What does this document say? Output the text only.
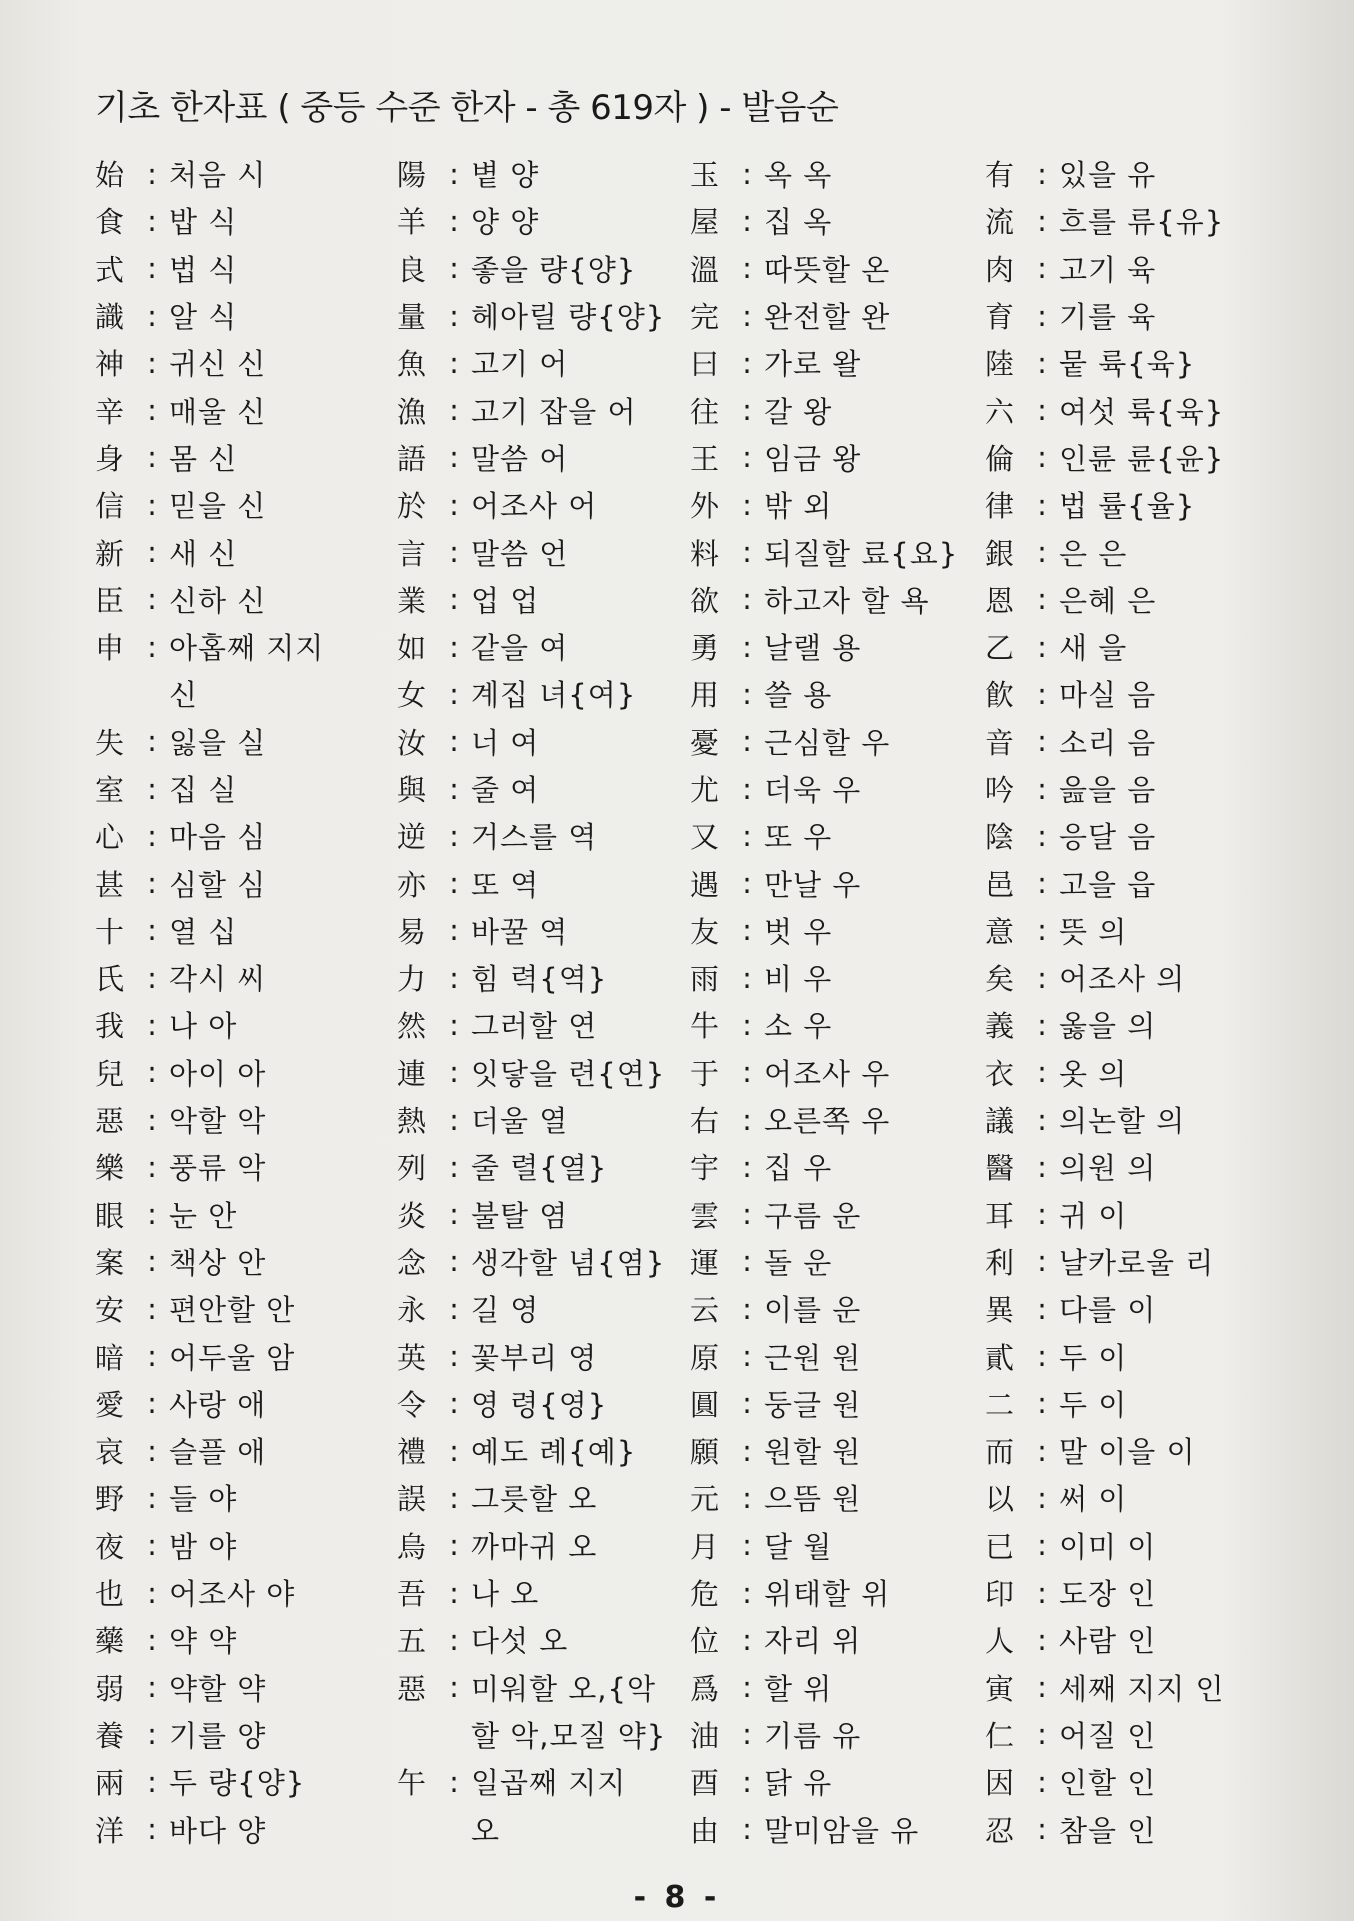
기초 한자표 ( 중등 수준 한자 - 총 619자 ) - 발음순
始 : 처음 시
食 : 밥 식
式 : 법 식
識 : 알 식
神 : 귀신 신
辛 : 매울 신
身 : 몸 신
信 : 믿을 신
新 : 새 신
臣 : 신하 신
申 : 아홉째 지지
신
失 : 잃을 실
室 : 집 실
心 : 마음 심
甚 : 심할 심
十 : 열 십
氏 : 각시 씨
我 : 나 아
兒 : 아이 아
惡 : 악할 악
樂 : 풍류 악
眼 : 눈 안
案 : 책상 안
安 : 편안할 안
暗 : 어두울 암
愛 : 사랑 애
哀 : 슬플 애
野 : 들 야
夜 : 밤 야
也 : 어조사 야
藥 : 약 약
弱 : 약할 약
養 : 기를 양
兩 : 두 량{양}
洋 : 바다 양
陽 : 볕 양
羊 : 양 양
良 : 좋을 량{양}
量 : 헤아릴 량{양}
魚 : 고기 어
漁 : 고기 잡을 어
語 : 말씀 어
於 : 어조사 어
言 : 말씀 언
業 : 업 업
如 : 같을 여
女 : 계집 녀{여}
汝 : 너 여
與 : 줄 여
逆 : 거스를 역
亦 : 또 역
易 : 바꿀 역
力 : 힘 력{역}
然 : 그러할 연
連 : 잇닿을 련{연}
熱 : 더울 열
列 : 줄 렬{열}
炎 : 불탈 염
念 : 생각할 념{염}
永 : 길 영
英 : 꽃부리 영
令 : 영 령{영}
禮 : 예도 례{예}
誤 : 그릇할 오
烏 : 까마귀 오
吾 : 나 오
五 : 다섯 오
惡 : 미워할 오,{악
할 악,모질 약}
午 : 일곱째 지지
오
玉 : 옥 옥
屋 : 집 옥
溫 : 따뜻할 온
完 : 완전할 완
曰 : 가로 왈
往 : 갈 왕
王 : 임금 왕
外 : 밖 외
料 : 되질할 료{요}
欲 : 하고자 할 욕
勇 : 날랠 용
用 : 쓸 용
憂 : 근심할 우
尤 : 더욱 우
又 : 또 우
遇 : 만날 우
友 : 벗 우
雨 : 비 우
牛 : 소 우
于 : 어조사 우
右 : 오른쪽 우
宇 : 집 우
雲 : 구름 운
運 : 돌 운
云 : 이를 운
原 : 근원 원
圓 : 둥글 원
願 : 원할 원
元 : 으뜸 원
月 : 달 월
危 : 위태할 위
位 : 자리 위
爲 : 할 위
油 : 기름 유
酉 : 닭 유
由 : 말미암을 유
有 : 있을 유
流 : 흐를 류{유}
肉 : 고기 육
育 : 기를 육
陸 : 뭍 륙{육}
六 : 여섯 륙{육}
倫 : 인륜 륜{윤}
律 : 법 률{율}
銀 : 은 은
恩 : 은혜 은
乙 : 새 을
飮 : 마실 음
音 : 소리 음
吟 : 읊을 음
陰 : 응달 음
邑 : 고을 읍
意 : 뜻 의
矣 : 어조사 의
義 : 옳을 의
衣 : 옷 의
議 : 의논할 의
醫 : 의원 의
耳 : 귀 이
利 : 날카로울 리
異 : 다를 이
貳 : 두 이
二 : 두 이
而 : 말 이을 이
以 : 써 이
已 : 이미 이
印 : 도장 인
人 : 사람 인
寅 : 세째 지지 인
仁 : 어질 인
因 : 인할 인
忍 : 참을 인
- 8 -
